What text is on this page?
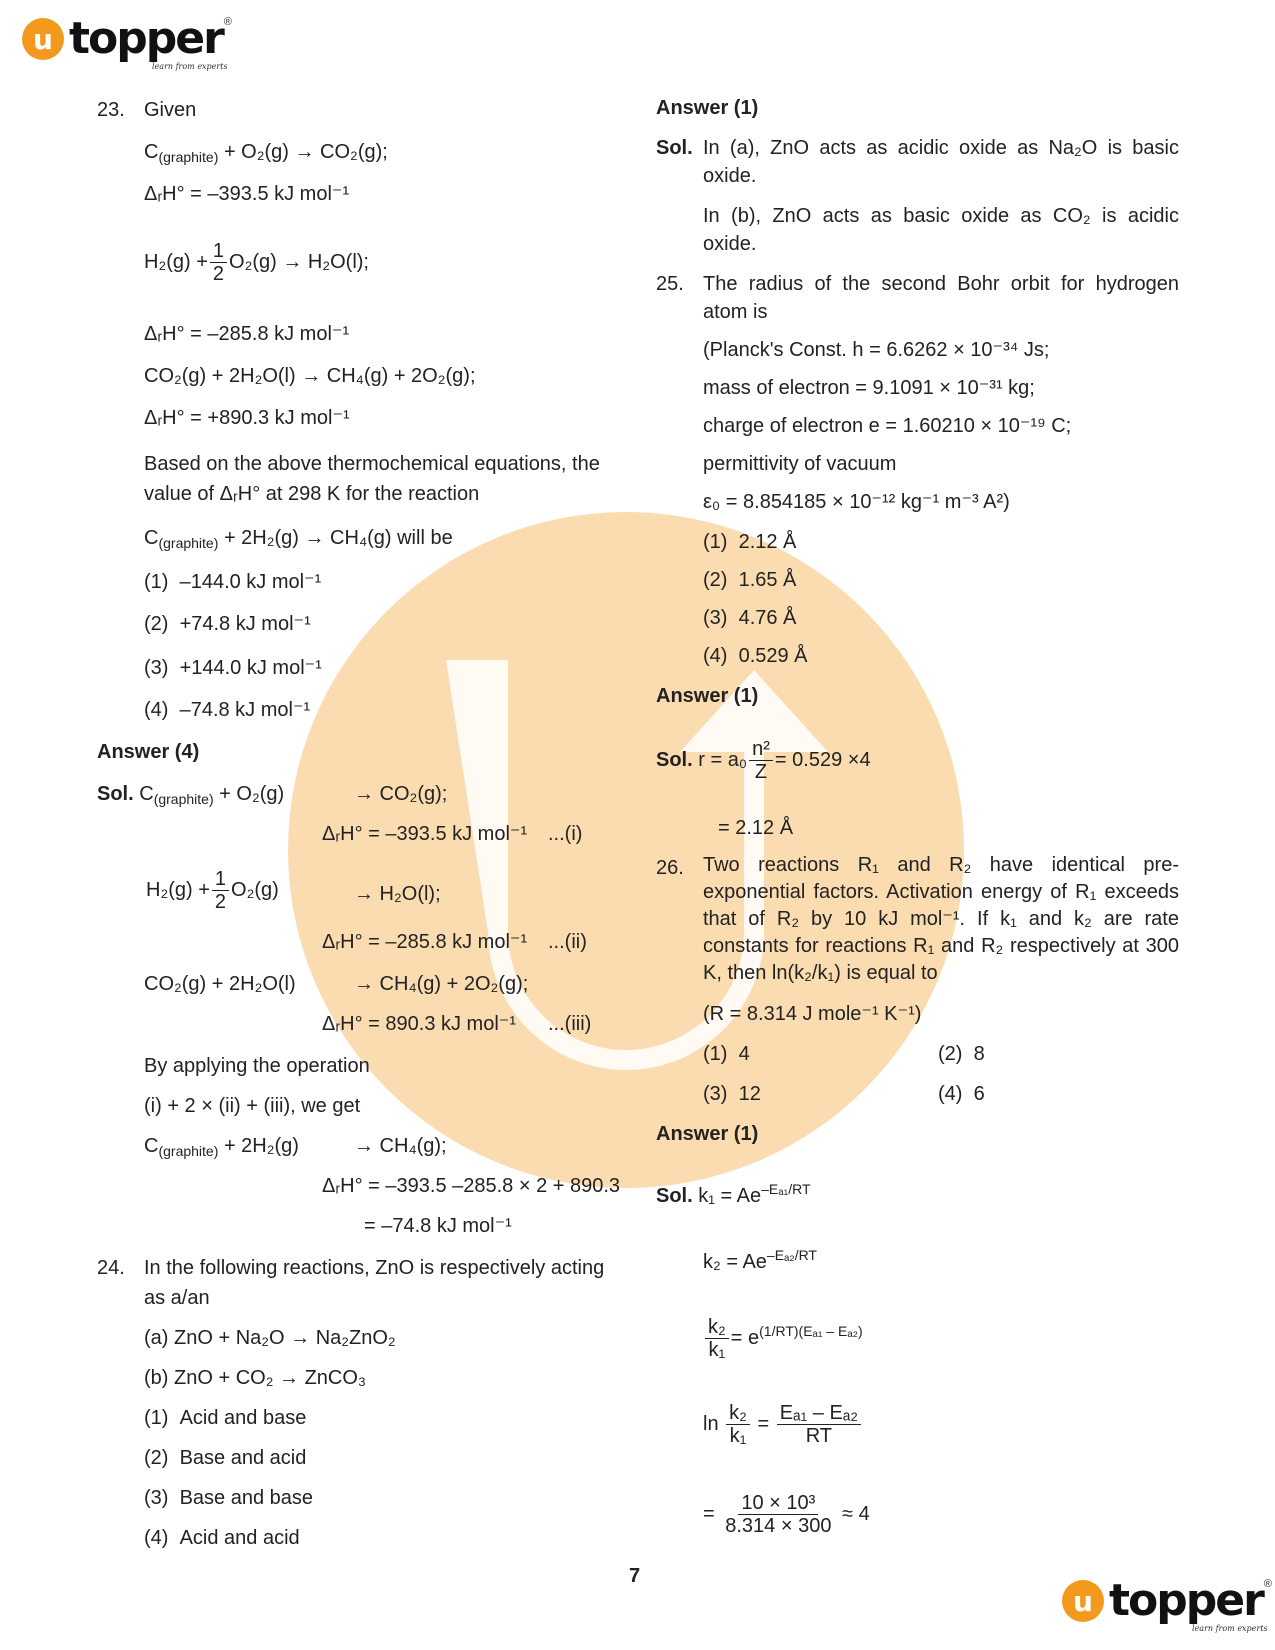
u topper ®
learn from experts
23. Given
$C_{(graphite)} + O_2(g) \to CO_2(g)$;
ΔᵣH° = –393.5 kJ mol⁻¹
$H_2(g) + \frac{1}{2} O_2(g) \to H_2O(l)$;
ΔᵣH° = –285.8 kJ mol⁻¹
CO₂(g) + 2H₂O(l) → CH₄(g) + 2O₂(g);
ΔᵣH° = +890.3 kJ mol⁻¹
Based on the above thermochemical equations, the
value of ΔᵣH° at 298 K for the reaction
$C_{(graphite)} + 2H_2(g) \to CH_4(g)$ will be
(1) –144.0 kJ mol⁻¹
(2) +74.8 kJ mol⁻¹
(3) +144.0 kJ mol⁻¹
(4) –74.8 kJ mol⁻¹
Answer (4)
Sol. $C_{(graphite)} + O_2(g)$	→ CO₂(g);
ΔᵣH° = –393.5 kJ mol⁻¹ ...(i)
$H_2(g) + \frac{1}{2} O_2(g)$	→ H₂O(l);
ΔᵣH° = –285.8 kJ mol⁻¹ ...(ii)
CO₂(g) + 2H₂O(l)	→ CH₄(g) + 2O₂(g);
ΔᵣH° = 890.3 kJ mol⁻¹ ...(iii)
By applying the operation
(i) + 2 × (ii) + (iii), we get
$C_{(graphite)} + 2H_2(g)$	→ CH₄(g);
ΔᵣH° = –393.5 –285.8 × 2 + 890.3
= –74.8 kJ mol⁻¹
24. In the following reactions, ZnO is respectively acting
as a/an
(a) ZnO + Na₂O → Na₂ZnO₂
(b) ZnO + CO₂ → ZnCO₃
(1) Acid and base
(2) Base and acid
(3) Base and base
(4) Acid and acid
Answer (1)
Sol. In (a), ZnO acts as acidic oxide as Na₂O is basic
oxide.
In (b), ZnO acts as basic oxide as CO₂ is acidic
oxide.
25. The radius of the second Bohr orbit for hydrogen
atom is
(Planck's Const. h = 6.6262 × 10⁻³⁴ Js;
mass of electron = 9.1091 × 10⁻³¹ kg;
charge of electron e = 1.60210 × 10⁻¹⁹ C;
permittivity of vacuum
ε₀ = 8.854185 × 10⁻¹² kg⁻¹ m⁻³ A²)
(1) 2.12 Å
(2) 1.65 Å
(3) 4.76 Å
(4) 0.529 Å
Answer (1)
Sol. $r = a_0 \frac{\text{n²}}{Z} = 0.529 \times 4$
= 2.12 Å
26. Two reactions R₁ and R₂ have identical pre-exponential factors. Activation energy of R₁ exceeds that of R₂ by 10 kJ mol⁻¹. If k₁ and k₂ are rate constants for reactions R₁ and R₂ respectively at 300 K, then ln(k₂/k₁) is equal to
(R = 8.314 J mole⁻¹ K⁻¹)
(1) 4	(2) 8
(3) 12	(4) 6
Answer (1)
Sol. $k_1 = Ae^{-E_{a1}/RT}$
$k_2 = Ae^{-E_{a2}/RT}$
$\frac{\text{k₂}}{\text{k₁}} = e^{(1/RT)(E_{a1} - E_{a2})}$
$\ln \frac{\text{k₂}}{\text{k₁}} = \frac{\text{Eₐ₁ – Eₐ₂}}{RT}$
= $\frac{\text{10 × 10³}}{8.314 \times 300} \approx 4$
7
u topper ®
learn from experts
